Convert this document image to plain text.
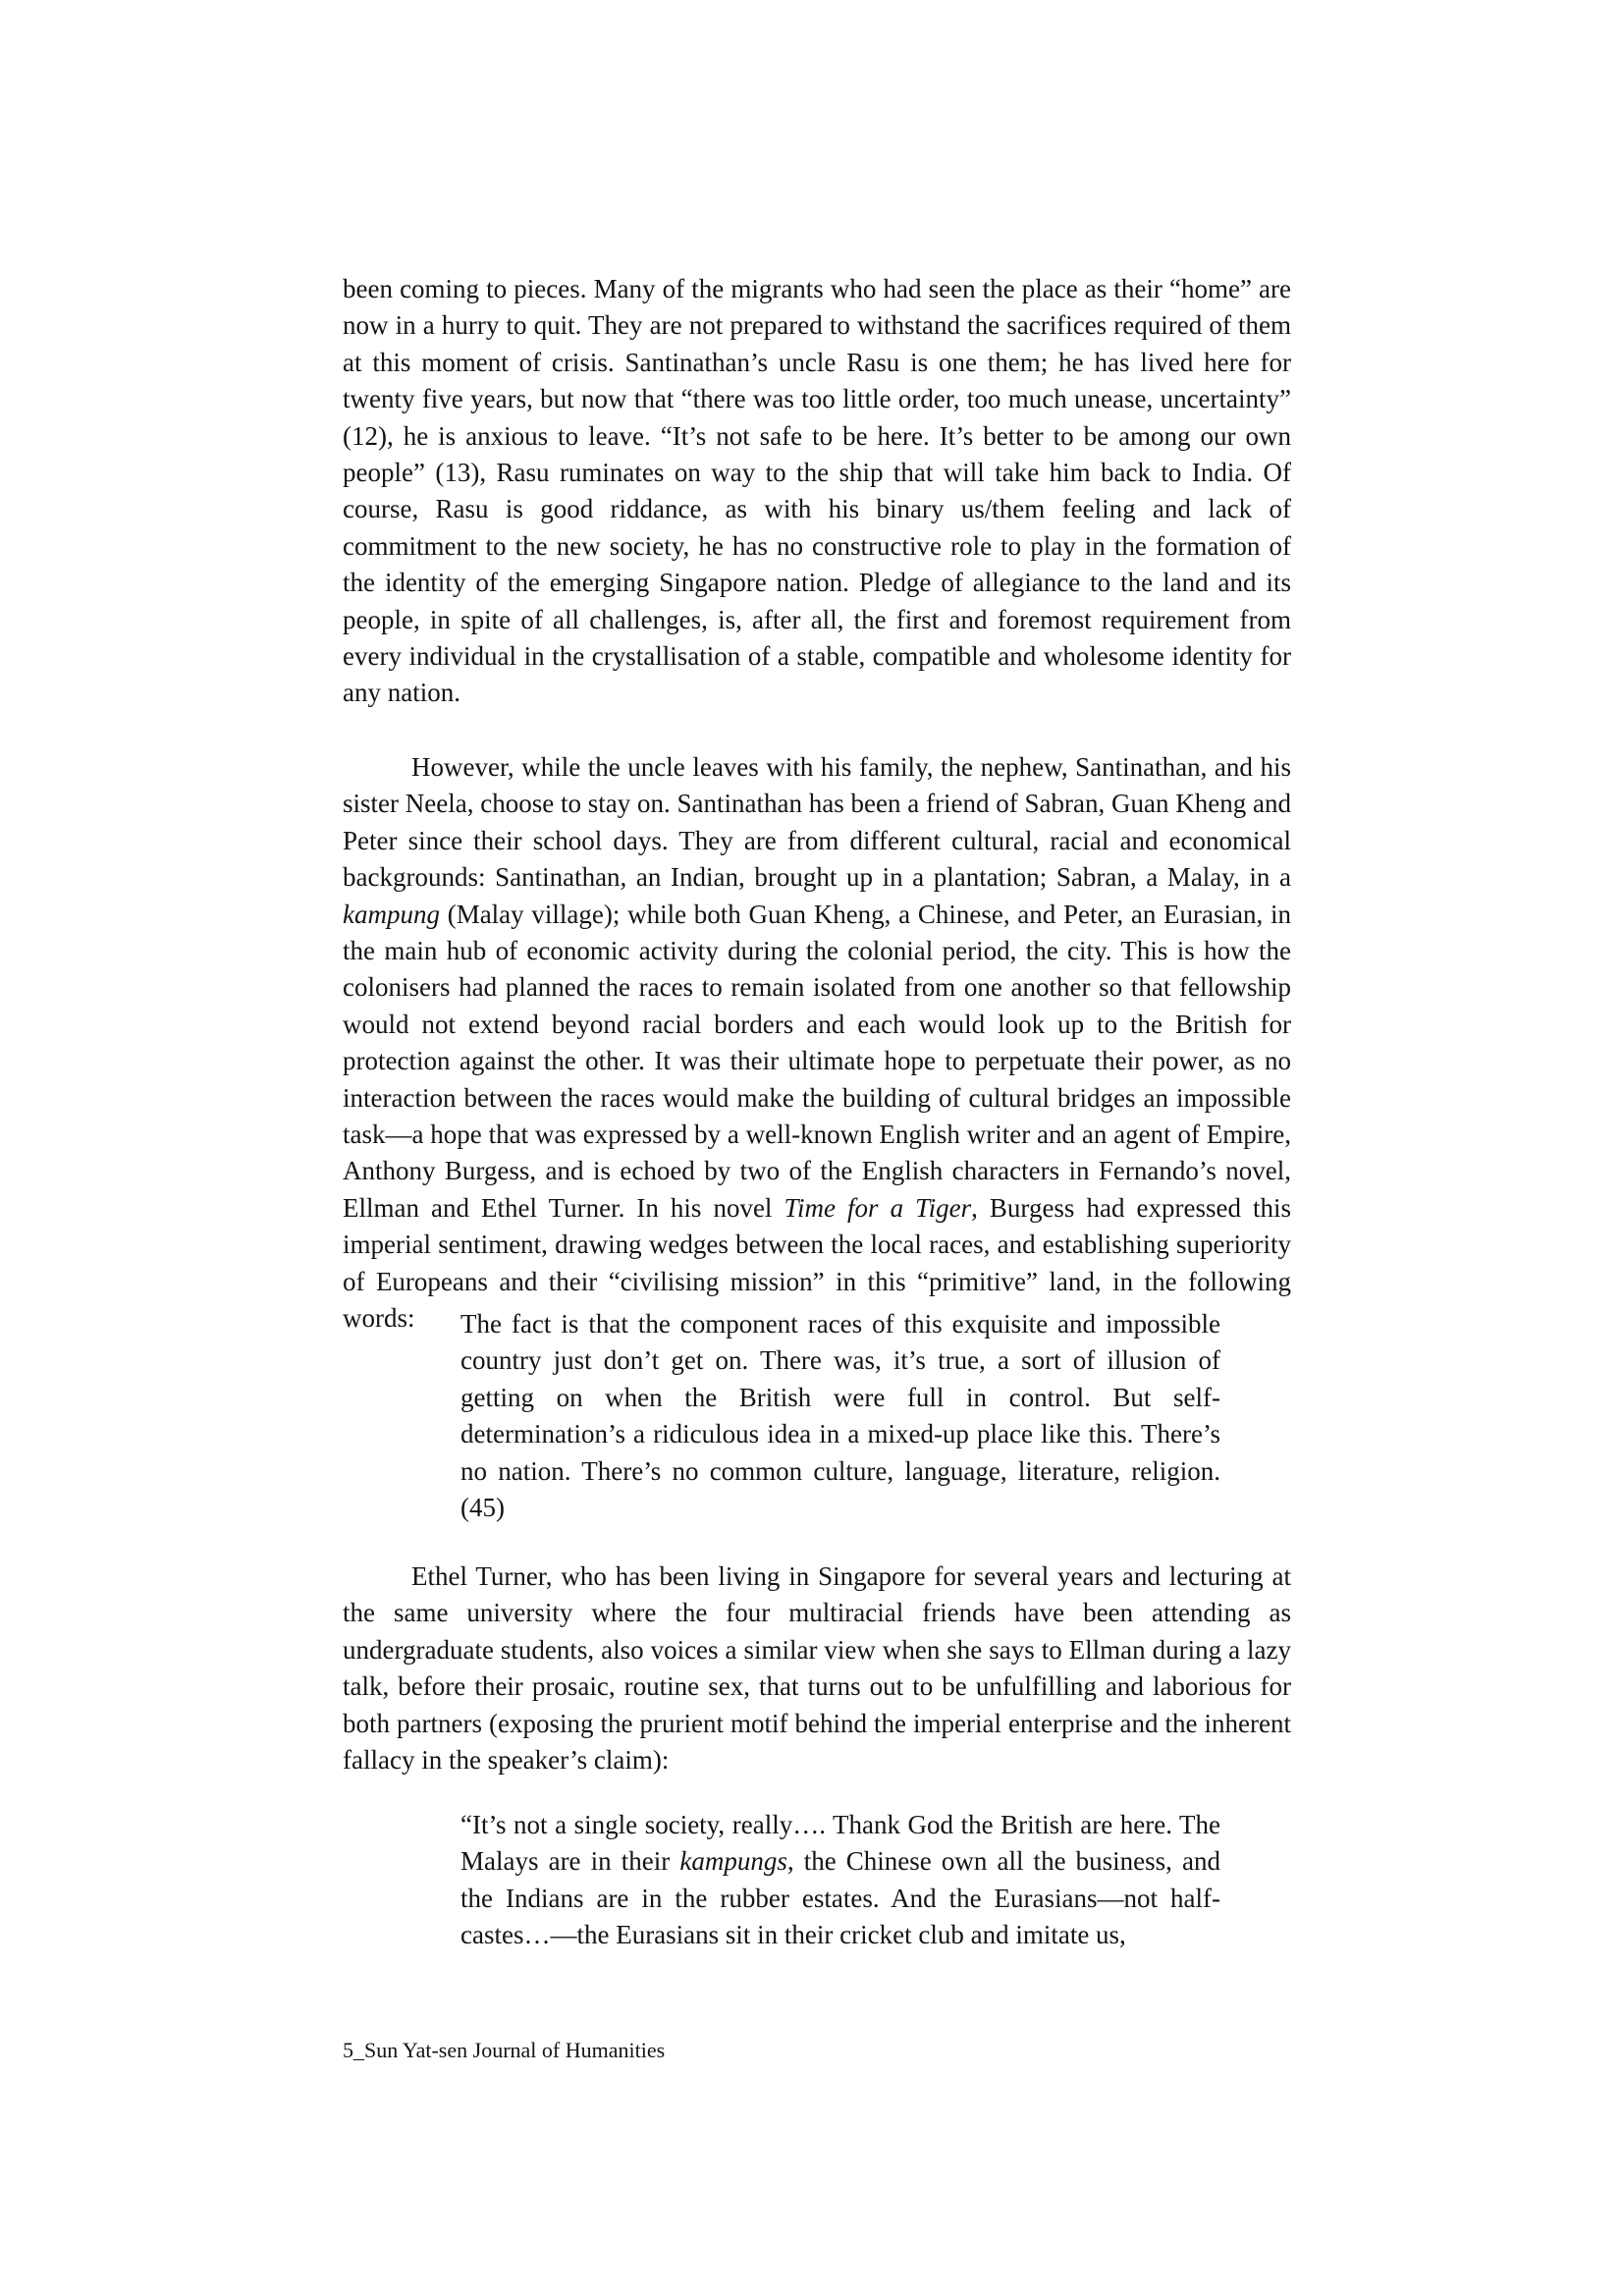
been coming to pieces. Many of the migrants who had seen the place as their “home” are now in a hurry to quit. They are not prepared to withstand the sacrifices required of them at this moment of crisis. Santinathan’s uncle Rasu is one them; he has lived here for twenty five years, but now that “there was too little order, too much unease, uncertainty” (12), he is anxious to leave. “It’s not safe to be here. It’s better to be among our own people” (13), Rasu ruminates on way to the ship that will take him back to India. Of course, Rasu is good riddance, as with his binary us/them feeling and lack of commitment to the new society, he has no constructive role to play in the formation of the identity of the emerging Singapore nation. Pledge of allegiance to the land and its people, in spite of all challenges, is, after all, the first and foremost requirement from every individual in the crystallisation of a stable, compatible and wholesome identity for any nation.

However, while the uncle leaves with his family, the nephew, Santinathan, and his sister Neela, choose to stay on. Santinathan has been a friend of Sabran, Guan Kheng and Peter since their school days. They are from different cultural, racial and economical backgrounds: Santinathan, an Indian, brought up in a plantation; Sabran, a Malay, in a kampung (Malay village); while both Guan Kheng, a Chinese, and Peter, an Eurasian, in the main hub of economic activity during the colonial period, the city. This is how the colonisers had planned the races to remain isolated from one another so that fellowship would not extend beyond racial borders and each would look up to the British for protection against the other. It was their ultimate hope to perpetuate their power, as no interaction between the races would make the building of cultural bridges an impossible task—a hope that was expressed by a well-known English writer and an agent of Empire, Anthony Burgess, and is echoed by two of the English characters in Fernando’s novel, Ellman and Ethel Turner. In his novel Time for a Tiger, Burgess had expressed this imperial sentiment, drawing wedges between the local races, and establishing superiority of Europeans and their “civilising mission” in this “primitive” land, in the following words:	The fact is that the component races of this exquisite and impossible country just don’t get on. There was, it’s true, a sort of illusion of getting on when the British were full in control. But self-determination’s a ridiculous idea in a mixed-up place like this. There’s no nation. There’s no common culture, language, literature, religion. (45)

Ethel Turner, who has been living in Singapore for several years and lecturing at the same university where the four multiracial friends have been attending as undergraduate students, also voices a similar view when she says to Ellman during a lazy talk, before their prosaic, routine sex, that turns out to be unfulfilling and laborious for both partners (exposing the prurient motif behind the imperial enterprise and the inherent fallacy in the speaker’s claim):

“It’s not a single society, really…. Thank God the British are here. The Malays are in their kampungs, the Chinese own all the business, and the Indians are in the rubber estates. And the Eurasians—not half-castes…—the Eurasians sit in their cricket club and imitate us,

5_Sun Yat-sen Journal of Humanities
